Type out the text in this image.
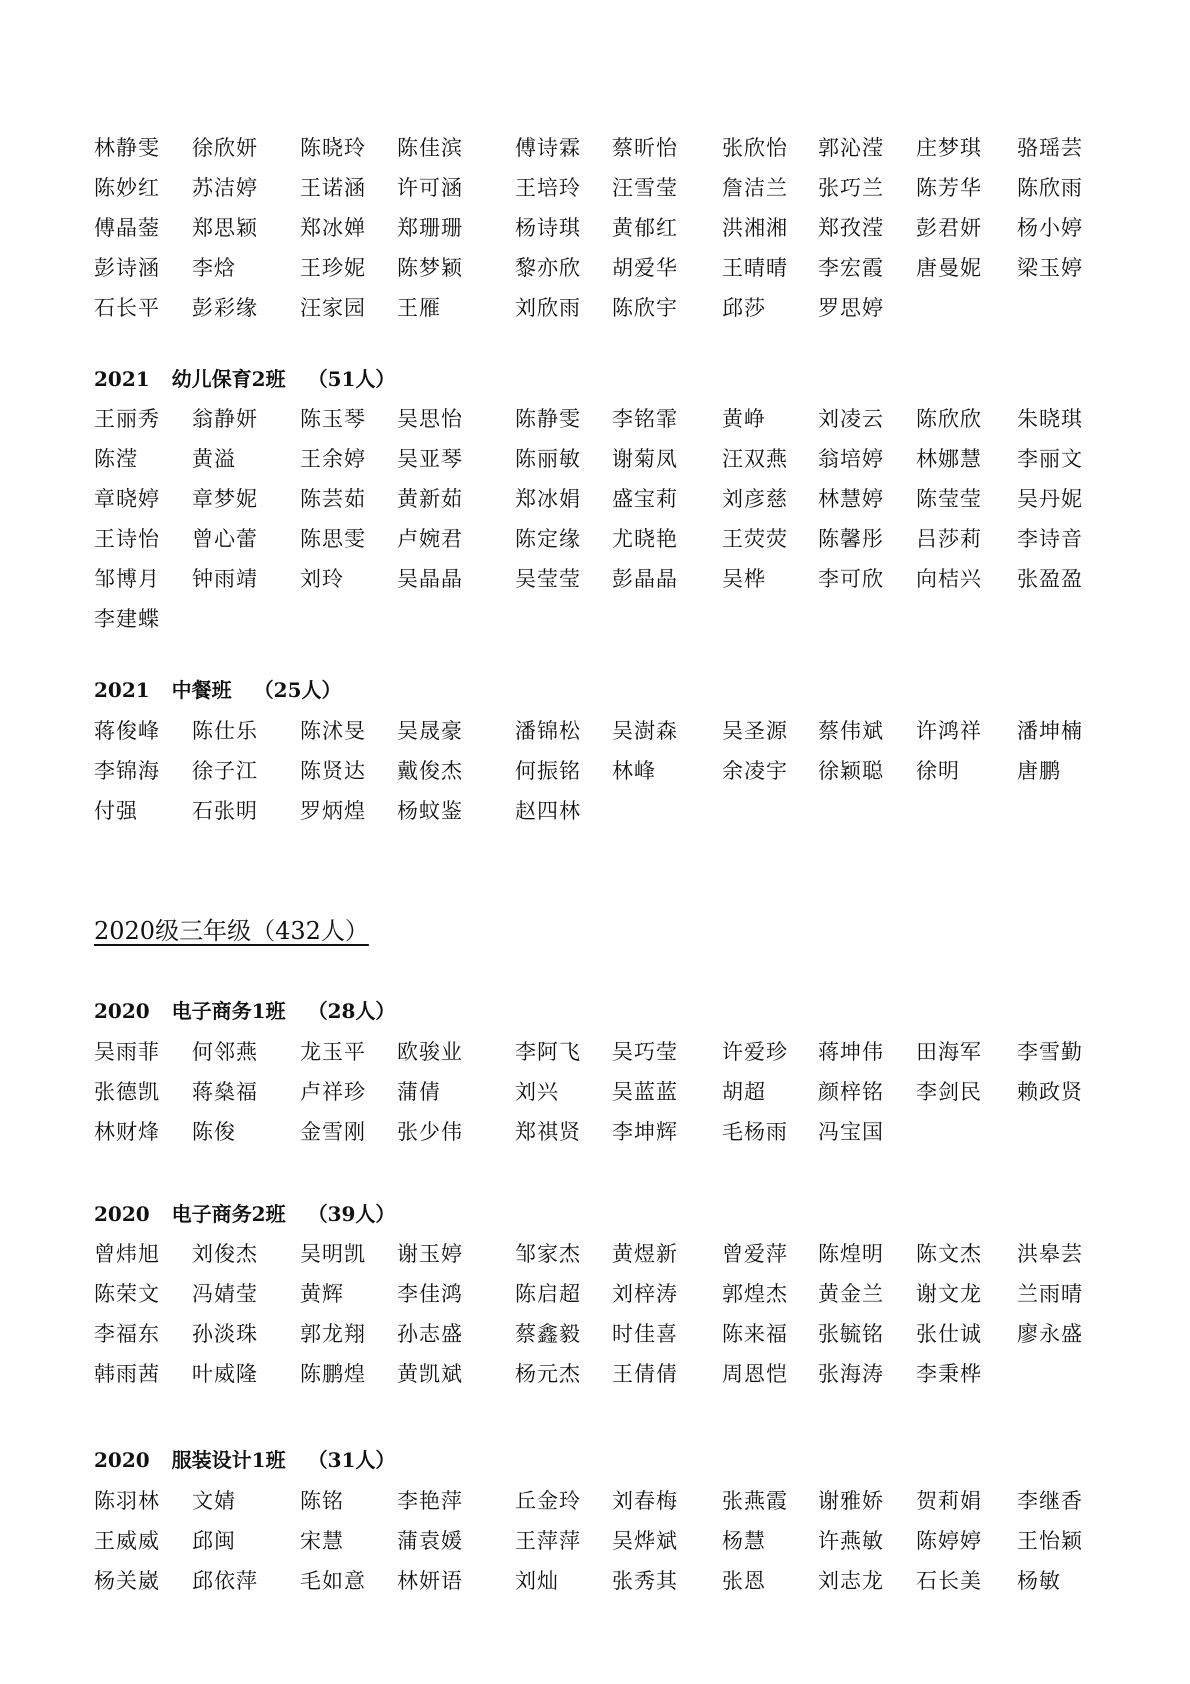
2020级三年级（432人）
林静雯 徐欣妍 陈晓玲 陈佳滨 傅诗霖 蔡昕怡 张欣怡 郭沁滢 庄梦琪 骆瑶芸
陈妙红 苏洁婷 王诺涵 许可涵 王培玲 汪雪莹 詹洁兰 张巧兰 陈芳华 陈欣雨
傅晶蓥 郑思颖 郑冰婵 郑珊珊 杨诗琪 黄郁红 洪湘湘 郑孜滢 彭君妍 杨小婷
彭诗涵 李焓	王珍妮 陈梦颖 黎亦欣 胡爱华 王晴晴 李宏霞 唐曼妮 梁玉婷
石长平 彭彩缘 汪家园 王雁	刘欣雨 陈欣宇 邱莎 罗思婷
2021 幼儿保育2班 （51人）
王丽秀 翁静妍 陈玉琴 吴思怡 陈静雯 李铭霏 黄峥 刘凌云 陈欣欣 朱晓琪
陈滢	黄溢	王余婷 吴亚琴 陈丽敏 谢菊凤 汪双燕 翁培婷 林娜慧 李丽文
章晓婷 章梦妮 陈芸茹 黄新茹 郑冰娟 盛宝莉 刘彦慈 林慧婷 陈莹莹 吴丹妮
王诗怡 曾心蕾 陈思雯 卢婉君 陈定缘 尤晓艳 王荧荧 陈馨彤 吕莎莉 李诗音
邹博月 钟雨靖 刘玲	吴晶晶 吴莹莹 彭晶晶 吴桦 李可欣 向桔兴 张盈盈
李建蝶
2021 中餐班 （25人）
蒋俊峰 陈仕乐 陈沭旻 吴晟豪 潘锦松 吴澍森 吴圣源 蔡伟斌 许鸿祥 潘坤楠
李锦海 徐子江 陈贤达 戴俊杰 何振铭 林峰	余凌宇 徐颖聪 徐明	唐鹏
付强	石张明 罗炳煌 杨蚊鉴 赵四林
2020 电子商务1班 （28人）
吴雨菲 何邻燕 龙玉平 欧骏业 李阿飞 吴巧莹 许爱珍 蒋坤伟 田海军 李雪勤
张德凯 蒋燊福 卢祥珍 蒲倩	刘兴	吴蓝蓝 胡超 颜梓铭 李剑民 赖政贤
林财烽 陈俊	金雪刚 张少伟 郑祺贤 李坤辉 毛杨雨 冯宝国
2020 电子商务2班 （39人）
曾炜旭 刘俊杰 吴明凯 谢玉婷 邹家杰 黄煜新 曾爱萍 陈煌明 陈文杰 洪皋芸
陈荣文 冯婧莹 黄辉	李佳鸿 陈启超 刘梓涛 郭煌杰 黄金兰 谢文龙 兰雨晴
李福东 孙淡珠 郭龙翔 孙志盛 蔡鑫毅 时佳喜 陈来福 张毓铭 张仕诚 廖永盛
韩雨茜 叶威隆 陈鹏煌 黄凯斌 杨元杰 王倩倩 周恩恺 张海涛 李秉桦
2020 服装设计1班 （31人）
陈羽林 文婧	陈铭	李艳萍 丘金玲 刘春梅 张燕霞 谢雅娇 贺莉娟 李继香
王威威 邱闽	宋慧	蒲袁媛 王萍萍 吴烨斌 杨慧 许燕敏 陈婷婷 王怡颖
杨关崴 邱依萍 毛如意 林妍语 刘灿	张秀其 张恩 刘志龙 石长美 杨敏
